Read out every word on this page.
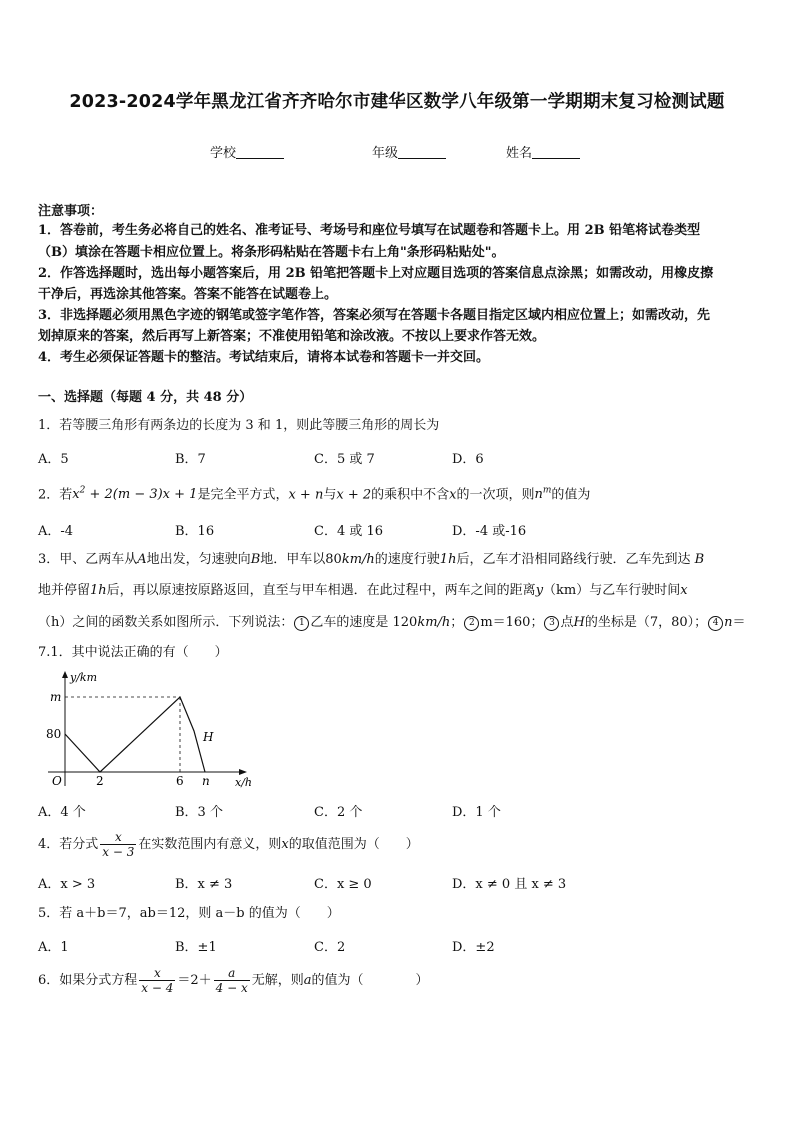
2023-2024学年黑龙江省齐齐哈尔市建华区数学八年级第一学期期末复习检测试题
学校	年级	姓名
注意事项：
1．答卷前，考生务必将自己的姓名、准考证号、考场号和座位号填写在试题卷和答题卡上。用 2B 铅笔将试卷类型
（B）填涂在答题卡相应位置上。将条形码粘贴在答题卡右上角"条形码粘贴处"。
2．作答选择题时，选出每小题答案后，用 2B 铅笔把答题卡上对应题目选项的答案信息点涂黑；如需改动，用橡皮擦
干净后，再选涂其他答案。答案不能答在试题卷上。
3．非选择题必须用黑色字迹的钢笔或签字笔作答，答案必须写在答题卡各题目指定区域内相应位置上；如需改动，先
划掉原来的答案，然后再写上新答案；不准使用铅笔和涂改液。不按以上要求作答无效。
4．考生必须保证答题卡的整洁。考试结束后，请将本试卷和答题卡一并交回。
一、选择题（每题 4 分，共 48 分）
1．若等腰三角形有两条边的长度为 3 和 1，则此等腰三角形的周长为
A．5	B．7	C．5 或 7	D．6
2．若$x^2 + 2(m - 3)x + 1$是完全平方式，x + n与x + 2的乘积中不含x的一次项，则$n^m$的值为
A．-4	B．16	C．4 或 16	D．-4 或-16
3．甲、乙两车从A地出发，匀速驶向B地．甲车以80km/h的速度行驶1h后，乙车才沿相同路线行驶．乙车先到达 B
地并停留1h后，再以原速按原路返回，直至与甲车相遇．在此过程中，两车之间的距离y（km）与乙车行驶时间x
（h）之间的函数关系如图所示．下列说法： 1 乙车的速度是 120km/h； 2 m＝160； 3 点H的坐标是（7，80）； 4 n＝
7.1．其中说法正确的有（　　）
y/km
m
80
O	2	6 n
H
x/h
A．4 个	B．3 个	C．2 个	D．1 个
4．若分式 $\frac{x}{x - 3}$ 在实数范围内有意义，则x的取值范围为（　　）
A．x > 3	B．x ≠ 3	C．x ≥ 0	D．x ≠ 0 且 x ≠ 3
5．若 a＋b＝7，ab＝12，则 a－b 的值为（　　）
A．1	B．±1	C．2	D．±2
6．如果分式方程 $\frac{x}{x - 4} =2+ \frac{a}{4 - x}$ 无解，则a的值为（　　　　）
